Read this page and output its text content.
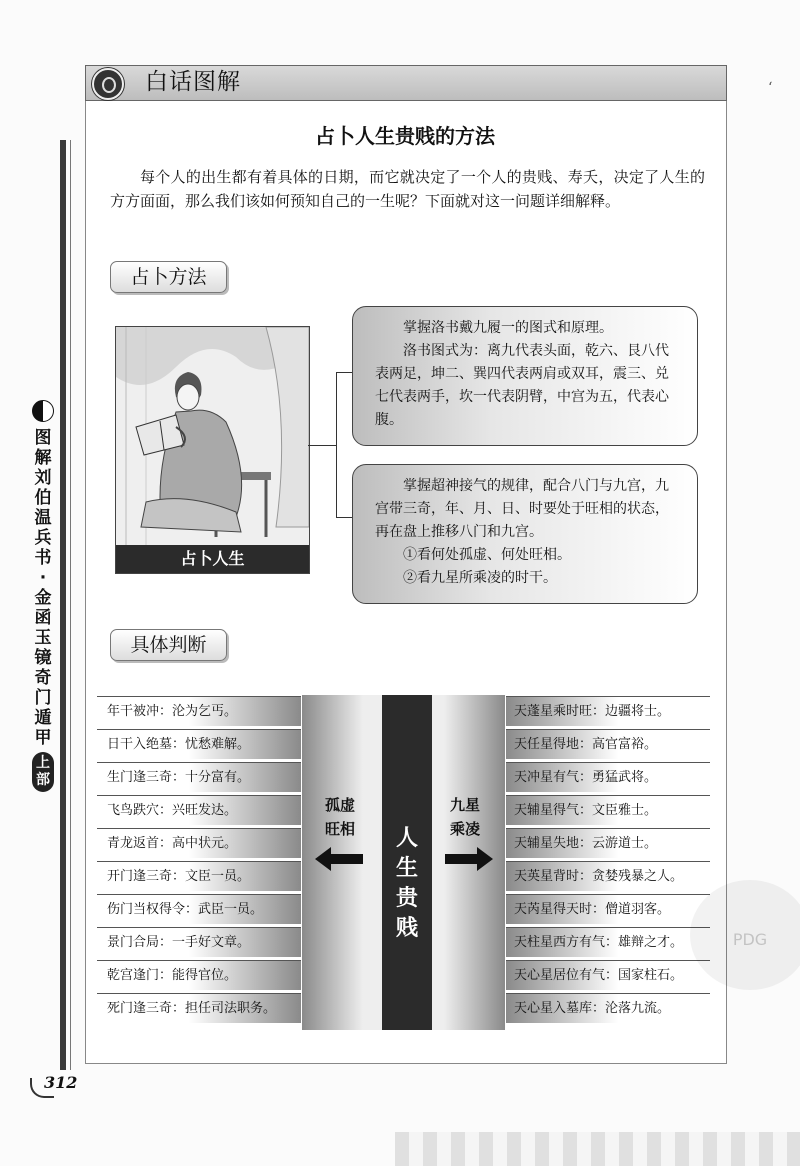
‘
图
解
刘
伯
温
兵
书
·
金
函
玉
镜
奇
门
遁
甲
上
部
白话图解
占卜人生贵贱的方法
每个人的出生都有着具体的日期，而它就决定了一个人的贵贱、寿夭，决定了人生的方方面面，那么我们该如何预知自己的一生呢？下面就对这一问题详细解释。
占卜方法
占卜人生

掌握洛书戴九履一的图式和原理。

洛书图式为：离九代表头面，乾六、艮八代表两足，坤二、巽四代表两肩或双耳，震三、兑七代表两手，坎一代表阴臂，中宫为五，代表心腹。

掌握超神接气的规律，配合八门与九宫，九宫带三奇，年、月、日、时要处于旺相的状态，再在盘上推移八门和九宫。

①看何处孤虚、何处旺相。

②看九星所乘凌的时干。

具体判断
年干被冲：沦为乞丐。
日干入绝墓：忧愁难解。
生门逢三奇：十分富有。
飞鸟跌穴：兴旺发达。
青龙返首：高中状元。
开门逢三奇：文臣一员。
伤门当权得令：武臣一员。
景门合局：一手好文章。
乾宫逢门：能得官位。
死门逢三奇：担任司法职务。
天蓬星乘时旺：边疆将士。
天任星得地：高官富裕。
天冲星有气：勇猛武将。
天辅星得气：文臣雅士。
天辅星失地：云游道士。
天英星背时：贪婪残暴之人。
天芮星得天时：僧道羽客。
天柱星西方有气：雄辩之才。
天心星居位有气：国家柱石。
天心星入墓库：沦落九流。
人
生
贵
贱
孤虚
旺相
九星
乘凌
PDG
312
